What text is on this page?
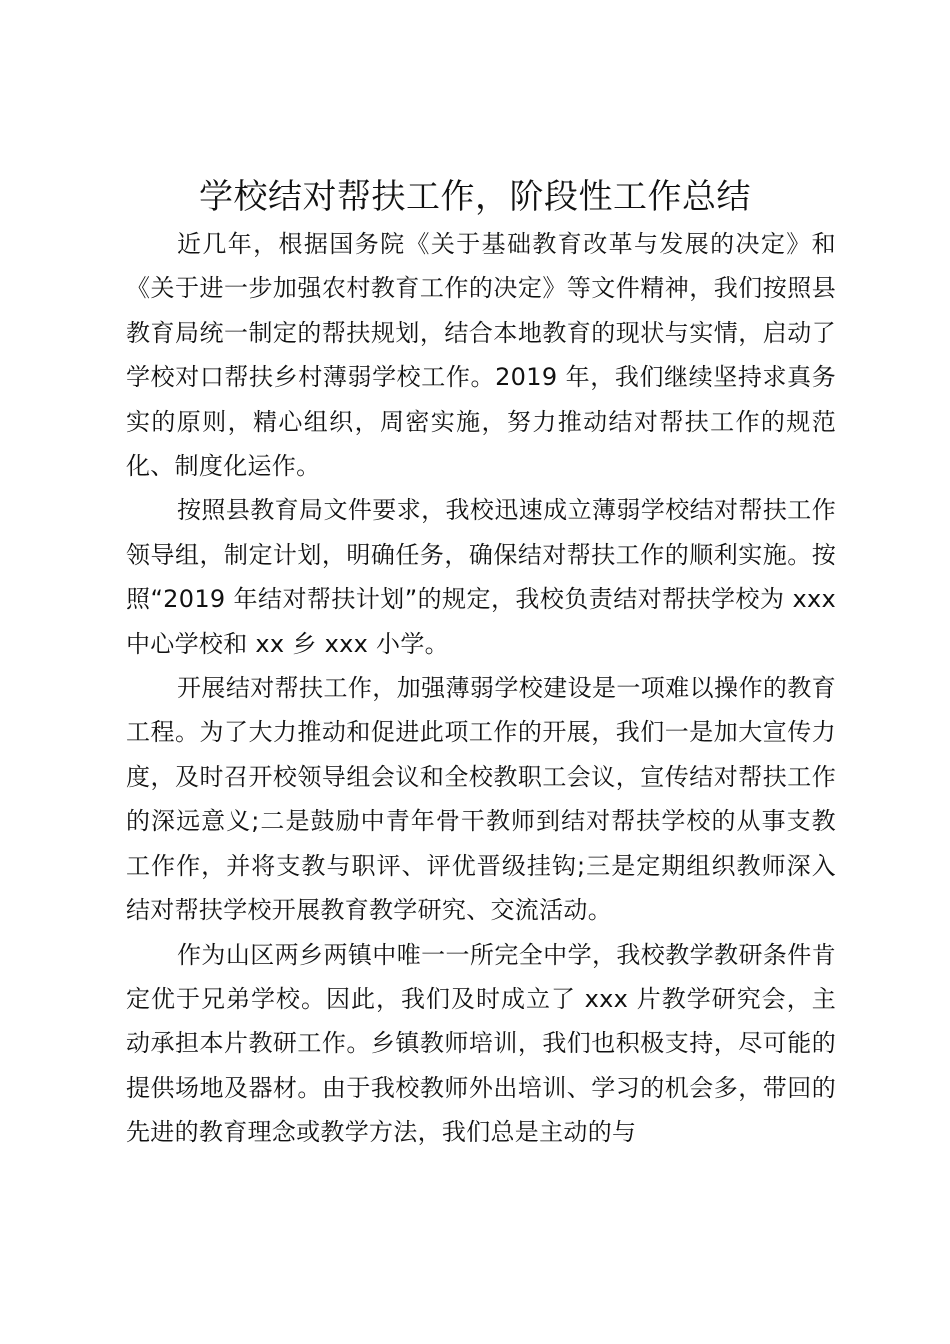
学校结对帮扶工作，阶段性工作总结

近几年，根据国务院《关于基础教育改革与发展的决定》和《关于进一步加强农村教育工作的决定》等文件精神，我们按照县教育局统一制定的帮扶规划，结合本地教育的现状与实情，启动了学校对口帮扶乡村薄弱学校工作。2019 年，我们继续坚持求真务实的原则，精心组织，周密实施，努力推动结对帮扶工作的规范化、制度化运作。

按照县教育局文件要求，我校迅速成立薄弱学校结对帮扶工作领导组，制定计划，明确任务，确保结对帮扶工作的顺利实施。按照“2019 年结对帮扶计划”的规定，我校负责结对帮扶学校为 xxx 中心学校和 xx 乡 xxx 小学。

开展结对帮扶工作，加强薄弱学校建设是一项难以操作的教育工程。为了大力推动和促进此项工作的开展，我们一是加大宣传力度，及时召开校领导组会议和全校教职工会议，宣传结对帮扶工作的深远意义;二是鼓励中青年骨干教师到结对帮扶学校的从事支教工作作，并将支教与职评、评优晋级挂钩;三是定期组织教师深入结对帮扶学校开展教育教学研究、交流活动。

作为山区两乡两镇中唯一一所完全中学，我校教学教研条件肯定优于兄弟学校。因此，我们及时成立了 xxx 片教学研究会，主动承担本片教研工作。乡镇教师培训，我们也积极支持，尽可能的提供场地及器材。由于我校教师外出培训、学习的机会多，带回的先进的教育理念或教学方法，我们总是主动的与
